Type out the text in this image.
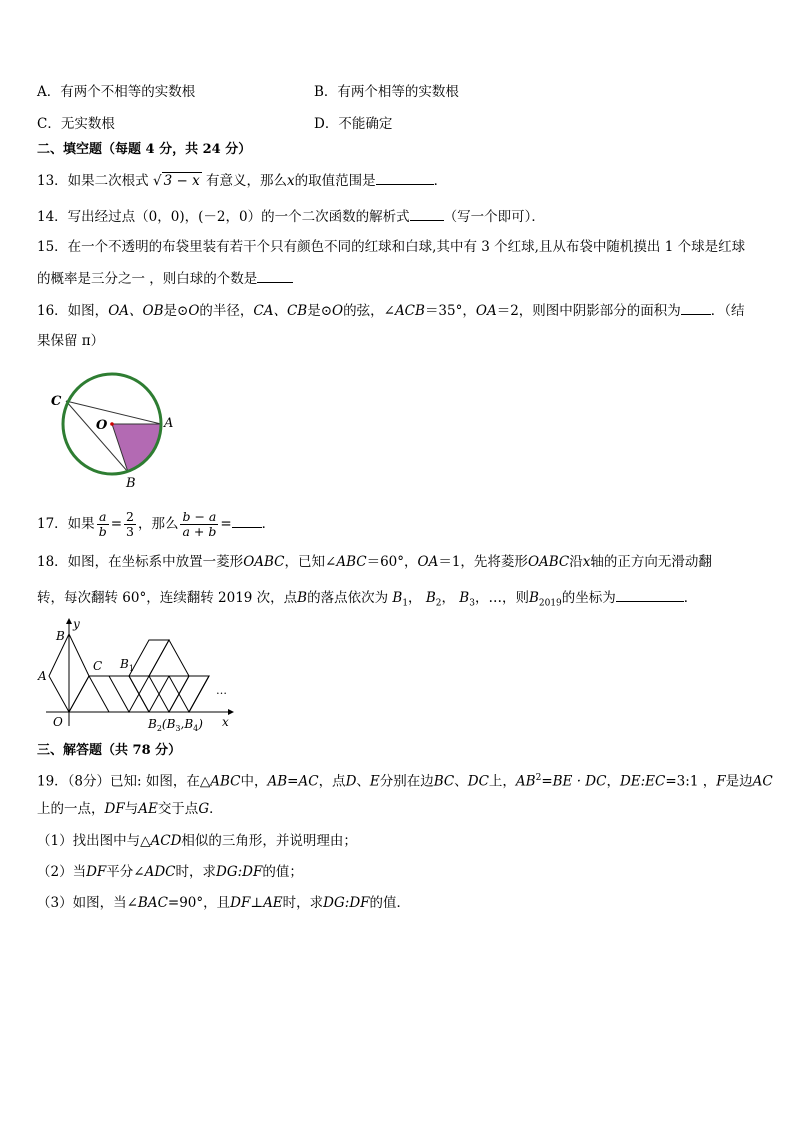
A．有两个不相等的实数根	B．有两个相等的实数根
C．无实数根	D．不能确定
二、填空题（每题 4 分，共 24 分）
13．如果二次根式 √ 3 − x 有意义，那么x的取值范围是	．
14．写出经过点（0，0)，(－2，0）的一个二次函数的解析式	（写一个即可）．
15．在一个不透明的布袋里装有若干个只有颜色不同的红球和白球,其中有 3 个红球,且从布袋中随机摸出 1 个球是红球
的概率是三分之一 ，则白球的个数是
16．如图，OA、OB是⊙O的半径，CA、CB是⊙O的弦，∠ACB＝35°，OA＝2，则图中阴影部分的面积为 ．（结
果保留 π）
C
O	A
B
17．如果 $\frac{a}{b} = \frac{2}{3}$ ，那么 $\frac{b - a}{a + b}$ = ．
18．如图，在坐标系中放置一菱形OABC，已知∠ABC＝60°，OA＝1，先将菱形OABC沿x轴的正方向无滑动翻
转，每次翻转 60°，连续翻转 2019 次，点B的落点依次为 $B_1$， $B_2$， $B_3$，…，则$B_{2019}$的坐标为	．
y
B
A
C $B_1$
O	x
…
$B_2(B_3,B_4)$
三、解答题（共 78 分）
19．（8分）已知: 如图，在△ABC中，AB=AC，点D、E分别在边BC、DC上，$AB^2=BE$ · DC，DE:EC=3:1 ，F是边AC
上的一点，DF与AE交于点G．
（1）找出图中与△ACD相似的三角形，并说明理由；
（2）当DF平分∠ADC时，求DG:DF的值；
（3）如图，当∠BAC=90°，且DF⊥AE时，求DG:DF的值．
